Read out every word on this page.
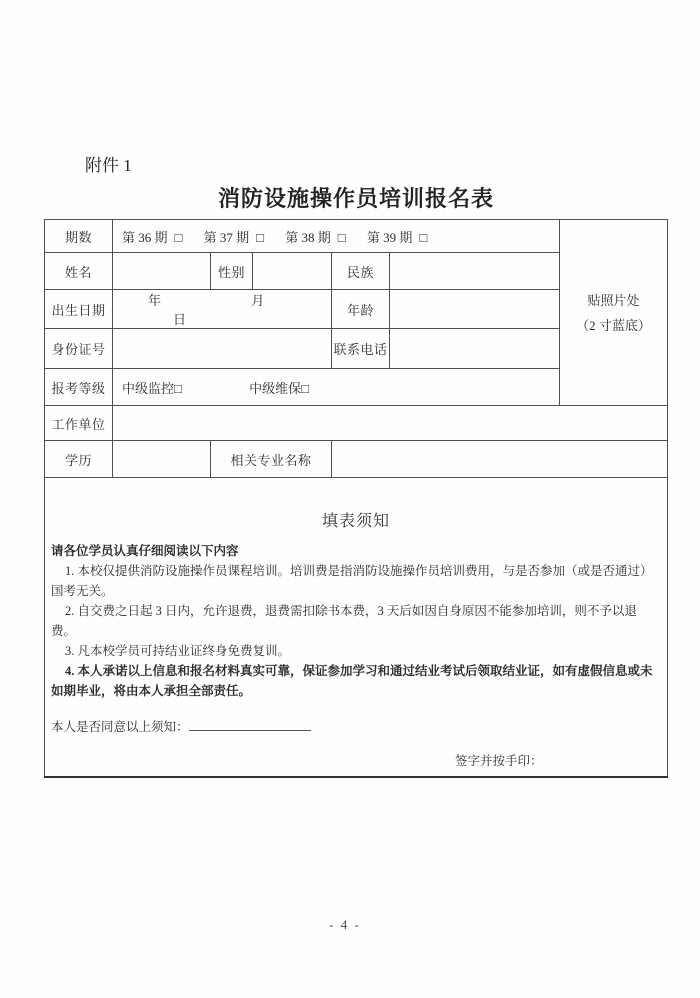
附件 1
消防设施操作员培训报名表
期数	第 36 期 □ 第 37 期 □ 第 38 期 □ 第 39 期 □					贴照片处
（2 寸蓝底）

姓名		性别		民族		
出生日期	年 月 日			年龄		
身份证号				联系电话		
报考等级	中级监控□ 中级维保□					
工作单位						
学历		相关专业名称				

填表须知

请各位学员认真仔细阅读以下内容

1. 本校仅提供消防设施操作员课程培训。培训费是指消防设施操作员培训费用，与是否参加（或是否通过）国考无关。

2. 自交费之日起 3 日内，允许退费，退费需扣除书本费，3 天后如因自身原因不能参加培训，则不予以退费。

3. 凡本校学员可持结业证终身免费复训。

4. 本人承诺以上信息和报名材料真实可靠，保证参加学习和通过结业考试后领取结业证，如有虚假信息或未如期毕业，将由本人承担全部责任。

本人是否同意以上须知：

签字并按手印：

- 4 -
